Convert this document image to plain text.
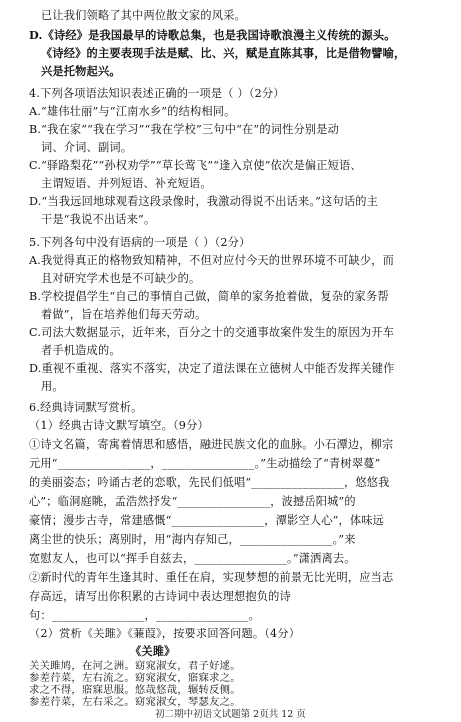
已让我们领略了其中两位散文家的风采。
D.《诗经》是我国最早的诗歌总集，也是我国诗歌浪漫主义传统的源头。
《诗经》的主要表现手法是赋、比、兴，赋是直陈其事，比是借物譬喻，
兴是托物起兴。
4.下列各项语法知识表述正确的一项是（ ）（2分）
A.“雄伟壮丽”与“江南水乡”的结构相同。
B.“我在家”“我在学习”“我在学校”三句中“在”的词性分别是动
词、介词、副词。
C.“驿路梨花”“孙权劝学”“草长莺飞”“逢入京使”依次是偏正短语、
主谓短语、并列短语、补充短语。
D.“当我远回地球观看这段录像时，我激动得说不出话来。”这句话的主
干是“我说不出话来”。
5.下列各句中没有语病的一项是（ ）（2分）
A.我觉得真正的格物致知精神，不但对应付今天的世界环境不可缺少，而
且对研究学术也是不可缺少的。
B.学校提倡学生“自己的事情自己做，简单的家务抢着做，复杂的家务帮
着做”，旨在培养他们每天劳动。
C.司法大数据显示，近年来，百分之十的交通事故案件发生的原因为开车
者手机造成的。
D.重视不重视、落实不落实，决定了道法课在立德树人中能否发挥关键作
用。
6.经典诗词默写赏析。
（1）经典古诗文默写填空。（9分）
①诗文名篇，寄寓着情思和感悟，融进民族文化的血脉。小石潭边，柳宗
元用“________________，________________。”生动描绘了“青树翠蔓”
的美丽姿态；吟诵古老的恋歌，先民们低唱“________________，悠悠我
心”；临洞庭眺，孟浩然抒发“________________，波撼岳阳城”的
豪情；漫步古寺，常建感慨“________________，潭影空人心”，体味远
离尘世的快乐；离别时，用“海内存知己，________________。”来
宽慰友人，也可以“挥手自兹去，________________。”潇洒离去。
②新时代的青年生逢其时、重任在肩，实现梦想的前景无比光明，应当志
存高远，请写出你积累的古诗词中表达理想抱负的诗
句：________________，________________。
初二期中初语文试题第 2页共 12 页
（2）赏析《关雎》《蒹葭》，按要求回答问题。（4分）
《关雎》
关关雎鸠，在河之洲。窈窕淑女，君子好逑。
参差荇菜，左右流之。窈窕淑女，寤寐求之。
求之不得，寤寐思服。悠哉悠哉，辗转反侧。
参差荇菜，左右采之。窈窕淑女，琴瑟友之。
